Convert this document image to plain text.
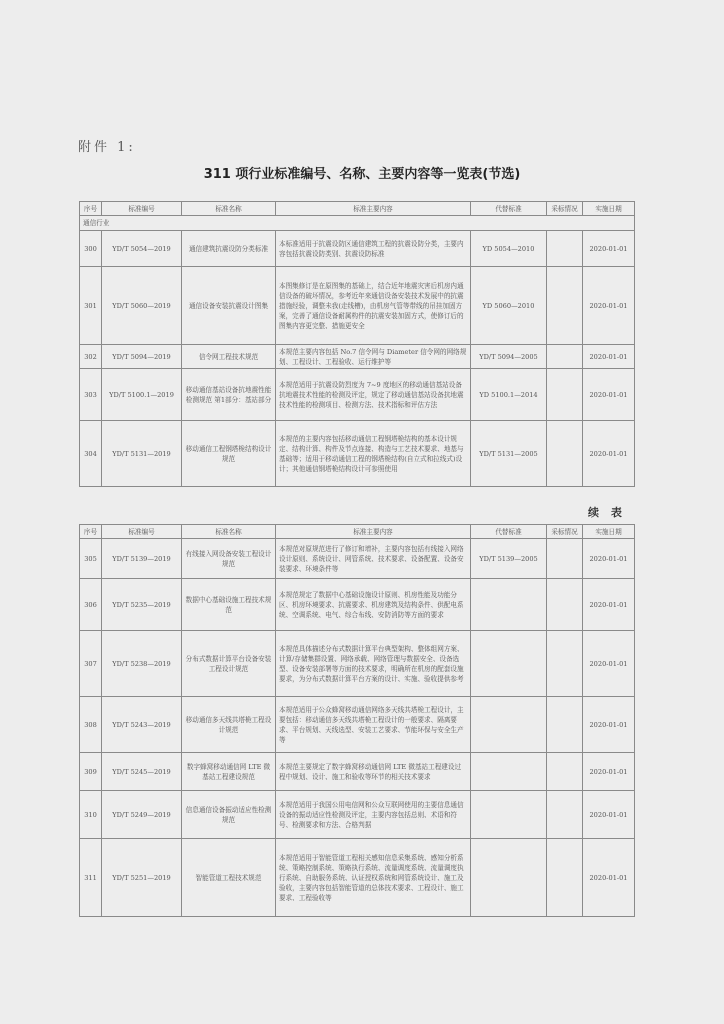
附件 1:
311 项行业标准编号、名称、主要内容等一览表(节选)
序号	标准编号	标准名称	标准主要内容	代替标准	采标情况	实施日期
通信行业						
300	YD/T 5054—2019	通信建筑抗震设防分类标准	本标准适用于抗震设防区通信建筑工程的抗震设防分类，主要内容包括抗震设防类别、抗震设防标准	YD 5054—2010		2020-01-01
301	YD/T 5060—2019	通信设备安装抗震设计图集	本图集修订是在原图集的基础上，结合近年地震灾害后机房内通信设备的破坏情况，参考近年来通信设备安装技术发展中的抗震措施经验，调整未我(走线槽)，由机房气管等带线的吊挂加固方案，完善了通信设备耐属构件的抗震安装加固方式，使修订后的图集内容更完整、措施更安全	YD 5060—2010		2020-01-01
302	YD/T 5094—2019	信令网工程技术规范	本规范主要内容包括 No.7 信令网与 Diameter 信令网的网络规划、工程设计、工程验收、运行维护等	YD/T 5094—2005		2020-01-01
303	YD/T 5100.1—2019	移动通信基站设备抗地震性能检测规范 第1部分：基站部分	本规范适用于抗震设防烈度为 7~9 度地区的移动通信基站设备抗地震技术性能的检测及评定，规定了移动通信基站设备抗地震技术性能的检测项目、检测方法、技术指标和评估方法	YD 5100.1—2014		2020-01-01
304	YD/T 5131—2019	移动通信工程钢塔桅结构设计规范	本规范的主要内容包括移动通信工程钢塔桅结构的基本设计规定、结构计算、构件及节点连接、构造与工艺技术要求、地基与基础等；适用于移动通信工程的钢塔桅结构(自立式和拉线式)设计；其他通信钢塔桅结构设计可参照使用	YD/T 5131—2005		2020-01-01
续 表
序号	标准编号	标准名称	标准主要内容	代替标准	采标情况	实施日期
305	YD/T 5139—2019	有线接入网设备安装工程设计规范	本规范对原规范进行了修订和增补，主要内容包括有线接入网络设计原则、系统设计、网管系统、技术要求、设备配置、设备安装要求、环境条件等	YD/T 5139—2005		2020-01-01
306	YD/T 5235—2019	数据中心基础设施工程技术规范	本规范规定了数据中心基础设施设计原则、机房性能及功能分区、机房环境要求、抗震要求、机房建筑及结构条件、供配电系统、空调系统、电气、综合布线、安防消防等方面的要求			2020-01-01
307	YD/T 5238—2019	分布式数据计算平台设备安装工程设计规范	本规范具体描述分布式数据计算平台典型架构、整体组网方案、计算/存储集群设置、网络承载、网络管理与数据安全、设备选型、设备安装部署等方面的技术要求，明确所在机房的配套设施要求，为分布式数据计算平台方案的设计、实施、验收提供参考			2020-01-01
308	YD/T 5243—2019	移动通信多天线共塔桅工程设计规范	本规范适用于公众蜂窝移动通信网络多天线共塔桅工程设计，主要包括：移动通信多天线共塔桅工程设计的一般要求、隔离要求、平台规划、天线选型、安装工艺要求、节能环保与安全生产等			2020-01-01
309	YD/T 5245—2019	数字蜂窝移动通信网 LTE 微基站工程建设规范	本规范主要规定了数字蜂窝移动通信网 LTE 微基站工程建设过程中规划、设计、施工和验收等环节的相关技术要求			2020-01-01
310	YD/T 5249—2019	信息通信设备振动适应性检测规范	本规范适用于我国公用电信网和公众互联网使用的主要信息通信设备的振动适应性检测及评定，主要内容包括总则、术语和符号、检测要求和方法、合格判据			2020-01-01
311	YD/T 5251—2019	智能管道工程技术规范	本规范适用于智能管道工程相关感知信息采集系统、感知分析系统、策略控制系统、策略执行系统、流量调度系统、流量调度执行系统、自助服务系统、认证授权系统和网管系统设计、施工及验收，主要内容包括智能管道的总体技术要求、工程设计、施工要求、工程验收等			2020-01-01
